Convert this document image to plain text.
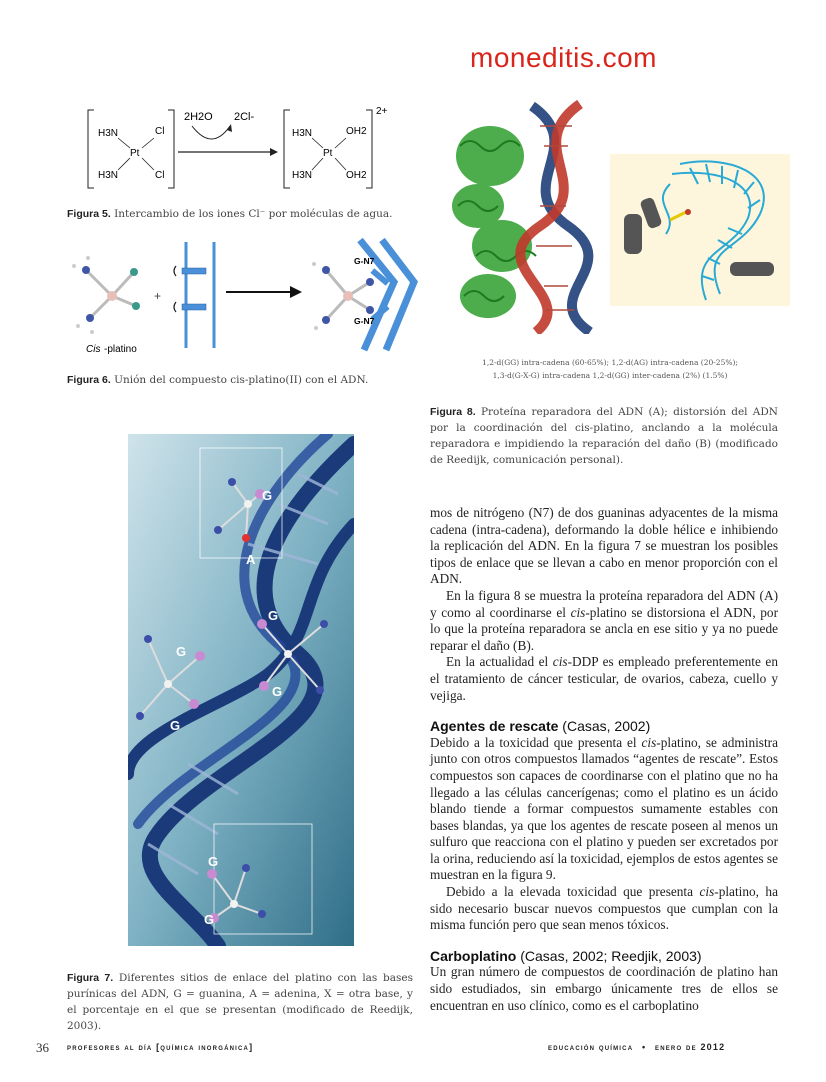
moneditis.com
H3N	Cl
Pt
H3N	Cl
2H2O 2Cl-	2+
H3N	OH2
Pt
H3N	OH2
Figura 5. Intercambio de los iones Cl⁻ por moléculas de agua.
Cis -platino
+
G-N7
G-N7
Figura 6. Unión del compuesto cis-platino(II) con el ADN.
1,2-d(GG) intra-cadena (60-65%); 1,2-d(AG) intra-cadena (20-25%);
1,3-d(G-X-G) intra-cadena 1,2-d(GG) inter-cadena (2%) (1.5%)
Figura 8. Proteína reparadora del ADN (A); distorsión del ADN por la coordinación del cis-platino, anclando a la molécula reparadora e impidiendo la reparación del daño (B) (modificado de Reedijk, comunicación personal).
G
A
G
G
G
G
G
G
Figura 7. Diferentes sitios de enlace del platino con las bases purínicas del ADN, G = guanina, A = adenina, X = otra base, y el porcentaje en el que se presentan (modificado de Reedijk, 2003).

mos de nitrógeno (N7) de dos guaninas adyacentes de la misma cadena (intra-cadena), deformando la doble hélice e inhibiendo la replicación del ADN. En la figura 7 se muestran los posibles tipos de enlace que se llevan a cabo en menor proporción con el ADN.

En la figura 8 se muestra la proteína reparadora del ADN (A) y como al coordinarse el cis-platino se distorsiona el ADN, por lo que la proteína reparadora se ancla en ese sitio y ya no puede reparar el daño (B).

En la actualidad el cis-DDP es empleado preferentemente en el tratamiento de cáncer testicular, de ovarios, cabeza, cuello y vejiga.

Agentes de rescate (Casas, 2002)

Debido a la toxicidad que presenta el cis-platino, se administra junto con otros compuestos llamados “agentes de rescate”. Estos compuestos son capaces de coordinarse con el platino que no ha llegado a las células cancerígenas; como el platino es un ácido blando tiende a formar compuestos sumamente estables con bases blandas, ya que los agentes de rescate poseen al menos un sulfuro que reacciona con el platino y pueden ser excretados por la orina, reduciendo así la toxicidad, ejemplos de estos agentes se muestran en la figura 9.

Debido a la elevada toxicidad que presenta cis-platino, ha sido necesario buscar nuevos compuestos que cumplan con la misma función pero que sean menos tóxicos.

Carboplatino (Casas, 2002; Reedjik, 2003)

Un gran número de compuestos de coordinación de platino han sido estudiados, sin embargo únicamente tres de ellos se encuentran en uso clínico, como es el carboplatino

36 profesores al día [química inorgánica]	educación química • enero de 2012
